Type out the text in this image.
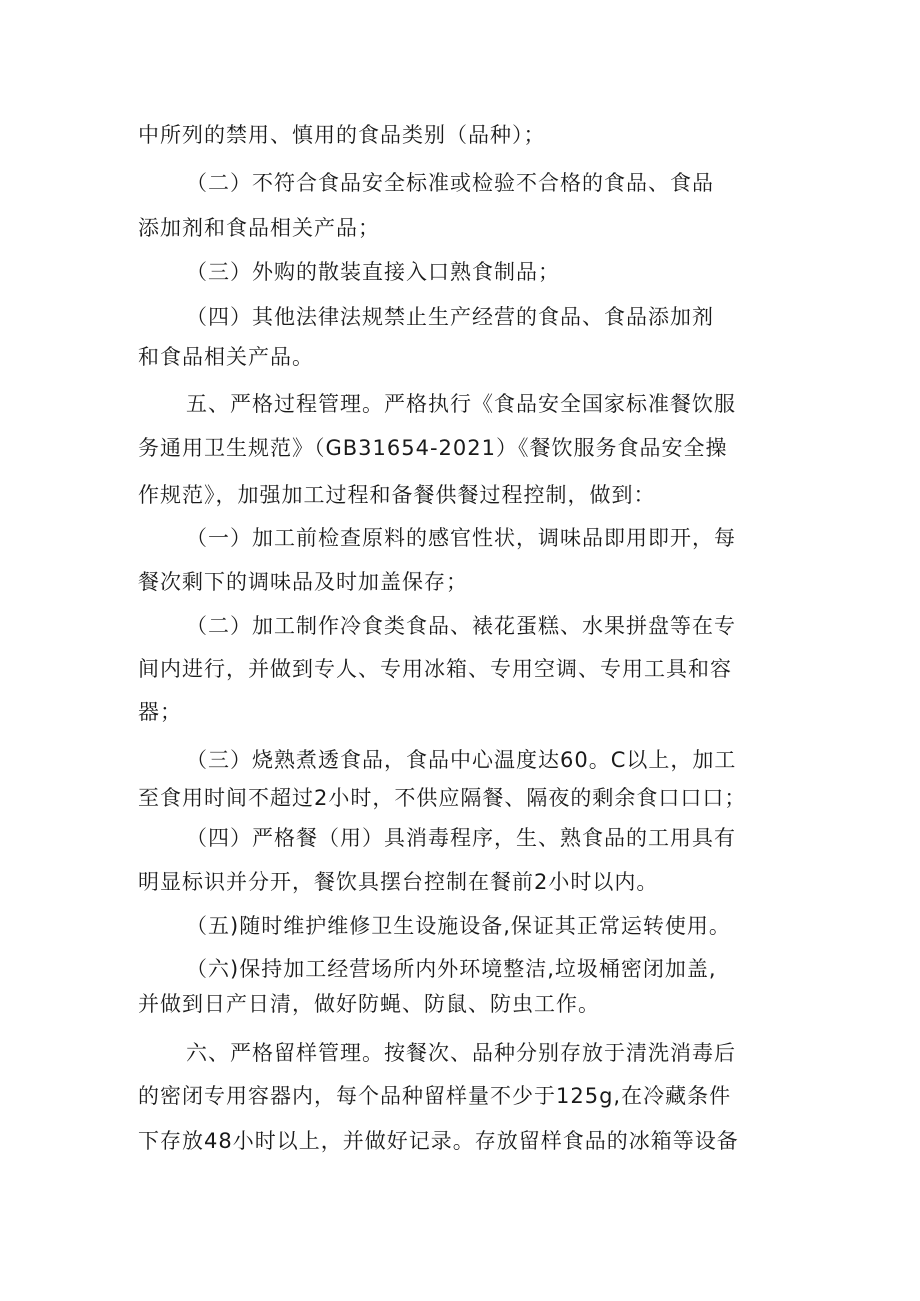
中所列的禁用、慎用的食品类别（品种）；

（二）不符合食品安全标准或检验不合格的食品、食品

添加剂和食品相关产品；

（三）外购的散装直接入口熟食制品；

（四）其他法律法规禁止生产经营的食品、食品添加剂

和食品相关产品。

五、严格过程管理。严格执行《食品安全国家标准餐饮服

务通用卫生规范》（GB31654-2021）《餐饮服务食品安全操

作规范》，加强加工过程和备餐供餐过程控制，做到：

（一）加工前检查原料的感官性状，调味品即用即开，每

餐次剩下的调味品及时加盖保存；

（二）加工制作冷食类食品、裱花蛋糕、水果拼盘等在专

间内进行，并做到专人、专用冰箱、专用空调、专用工具和容

器；

（三）烧熟煮透食品，食品中心温度达60。C以上，加工

至食用时间不超过2小时，不供应隔餐、隔夜的剩余食口口口；

（四）严格餐（用）具消毒程序，生、熟食品的工用具有

明显标识并分开，餐饮具摆台控制在餐前2小时以内。

（五)随时维护维修卫生设施设备,保证其正常运转使用。

（六)保持加工经营场所内外环境整洁,垃圾桶密闭加盖,

并做到日产日清，做好防蝇、防鼠、防虫工作。

六、严格留样管理。按餐次、品种分别存放于清洗消毒后

的密闭专用容器内，每个品种留样量不少于125g,在冷藏条件

下存放48小时以上，并做好记录。存放留样食品的冰箱等设备
